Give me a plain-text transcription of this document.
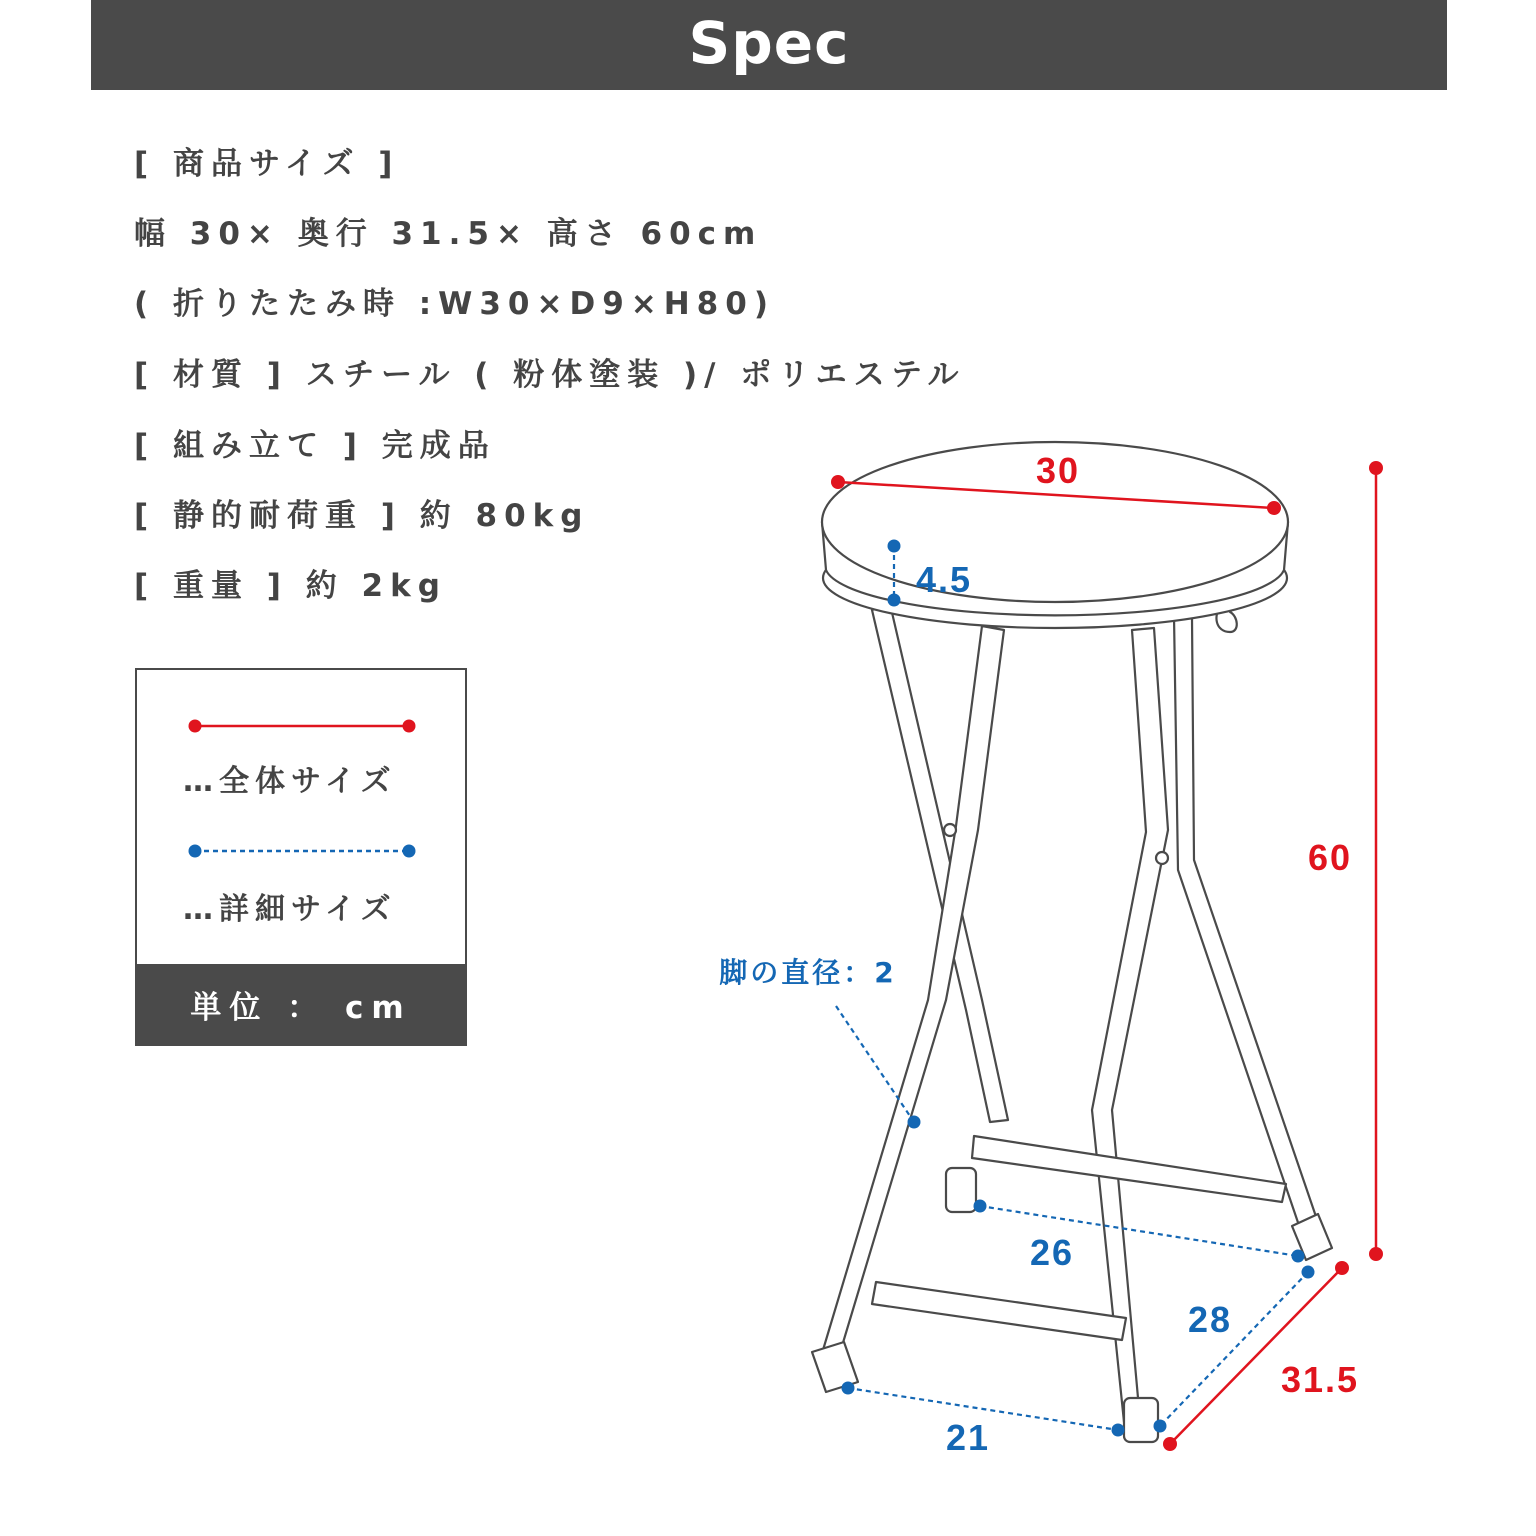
Spec
[ 商品サイズ ]
幅 30× 奥行 31.5× 高さ 60cm
( 折りたたみ時 :W30×D9×H80)
[ 材質 ] スチール ( 粉体塗装 )/ ポリエステル
[ 組み立て ] 完成品
[ 静的耐荷重 ] 約 80kg
[ 重量 ] 約 2kg
…全体サイズ
…詳細サイズ
単位 ： cm
30
60
31.5
4.5
脚の直径：2
26
28
21
